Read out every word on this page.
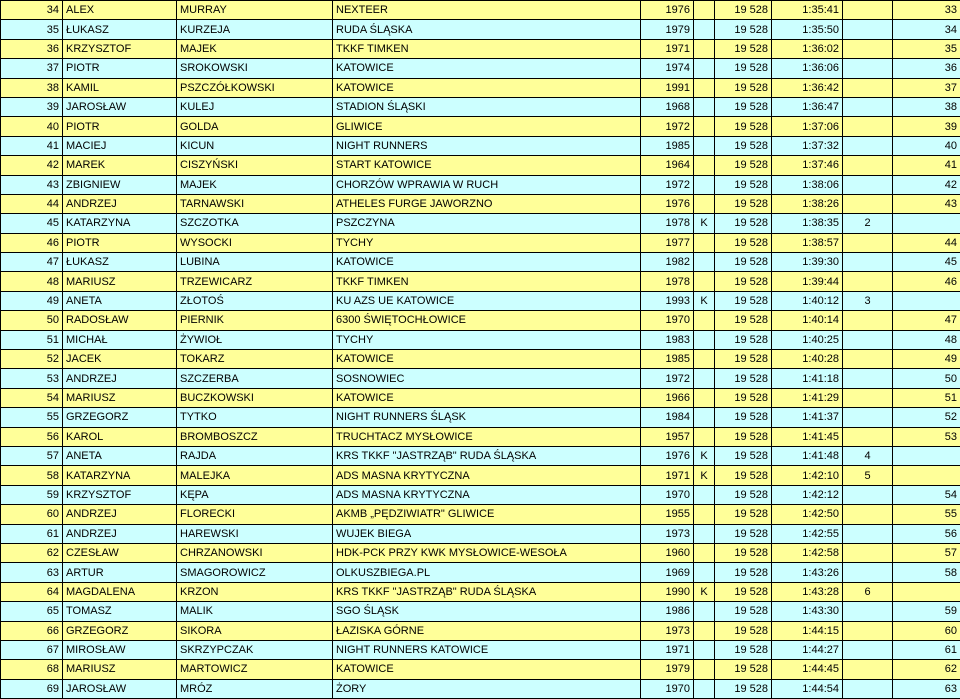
34	ALEX	MURRAY	NEXTEER	1976		19 528	1:35:41		33
35	ŁUKASZ	KURZEJA	RUDA ŚLĄSKA	1979		19 528	1:35:50		34
36	KRZYSZTOF	MAJEK	TKKF TIMKEN	1971		19 528	1:36:02		35
37	PIOTR	SROKOWSKI	KATOWICE	1974		19 528	1:36:06		36
38	KAMIL	PSZCZÓŁKOWSKI	KATOWICE	1991		19 528	1:36:42		37
39	JAROSŁAW	KULEJ	STADION ŚLĄSKI	1968		19 528	1:36:47		38
40	PIOTR	GOLDA	GLIWICE	1972		19 528	1:37:06		39
41	MACIEJ	KICUN	NIGHT RUNNERS	1985		19 528	1:37:32		40
42	MAREK	CISZYŃSKI	START KATOWICE	1964		19 528	1:37:46		41
43	ZBIGNIEW	MAJEK	CHORZÓW WPRAWIA W RUCH	1972		19 528	1:38:06		42
44	ANDRZEJ	TARNAWSKI	ATHELES FURGE JAWORZNO	1976		19 528	1:38:26		43
45	KATARZYNA	SZCZOTKA	PSZCZYNA	1978	K	19 528	1:38:35	2	
46	PIOTR	WYSOCKI	TYCHY	1977		19 528	1:38:57		44
47	ŁUKASZ	LUBINA	KATOWICE	1982		19 528	1:39:30		45
48	MARIUSZ	TRZEWICARZ	TKKF TIMKEN	1978		19 528	1:39:44		46
49	ANETA	ZŁOTOŚ	KU AZS UE KATOWICE	1993	K	19 528	1:40:12	3	
50	RADOSŁAW	PIERNIK	6300 ŚWIĘTOCHŁOWICE	1970		19 528	1:40:14		47
51	MICHAŁ	ŻYWIOŁ	TYCHY	1983		19 528	1:40:25		48
52	JACEK	TOKARZ	KATOWICE	1985		19 528	1:40:28		49
53	ANDRZEJ	SZCZERBA	SOSNOWIEC	1972		19 528	1:41:18		50
54	MARIUSZ	BUCZKOWSKI	KATOWICE	1966		19 528	1:41:29		51
55	GRZEGORZ	TYTKO	NIGHT RUNNERS ŚLĄSK	1984		19 528	1:41:37		52
56	KAROL	BROMBOSZCZ	TRUCHTACZ MYSŁOWICE	1957		19 528	1:41:45		53
57	ANETA	RAJDA	KRS TKKF "JASTRZĄB" RUDA ŚLĄSKA	1976	K	19 528	1:41:48	4	
58	KATARZYNA	MALEJKA	ADS MASNA KRYTYCZNA	1971	K	19 528	1:42:10	5	
59	KRZYSZTOF	KĘPA	ADS MASNA KRYTYCZNA	1970		19 528	1:42:12		54
60	ANDRZEJ	FLORECKI	AKMB „PĘDZIWIATR" GLIWICE	1955		19 528	1:42:50		55
61	ANDRZEJ	HAREWSKI	WUJEK BIEGA	1973		19 528	1:42:55		56
62	CZESŁAW	CHRZANOWSKI	HDK-PCK PRZY KWK MYSŁOWICE-WESOŁA	1960		19 528	1:42:58		57
63	ARTUR	SMAGOROWICZ	OLKUSZBIEGA.PL	1969		19 528	1:43:26		58
64	MAGDALENA	KRZON	KRS TKKF "JASTRZĄB" RUDA ŚLĄSKA	1990	K	19 528	1:43:28	6	
65	TOMASZ	MALIK	SGO ŚLĄSK	1986		19 528	1:43:30		59
66	GRZEGORZ	SIKORA	ŁAZISKA GÓRNE	1973		19 528	1:44:15		60
67	MIROSŁAW	SKRZYPCZAK	NIGHT RUNNERS KATOWICE	1971		19 528	1:44:27		61
68	MARIUSZ	MARTOWICZ	KATOWICE	1979		19 528	1:44:45		62
69	JAROSŁAW	MRÓZ	ŻORY	1970		19 528	1:44:54		63
